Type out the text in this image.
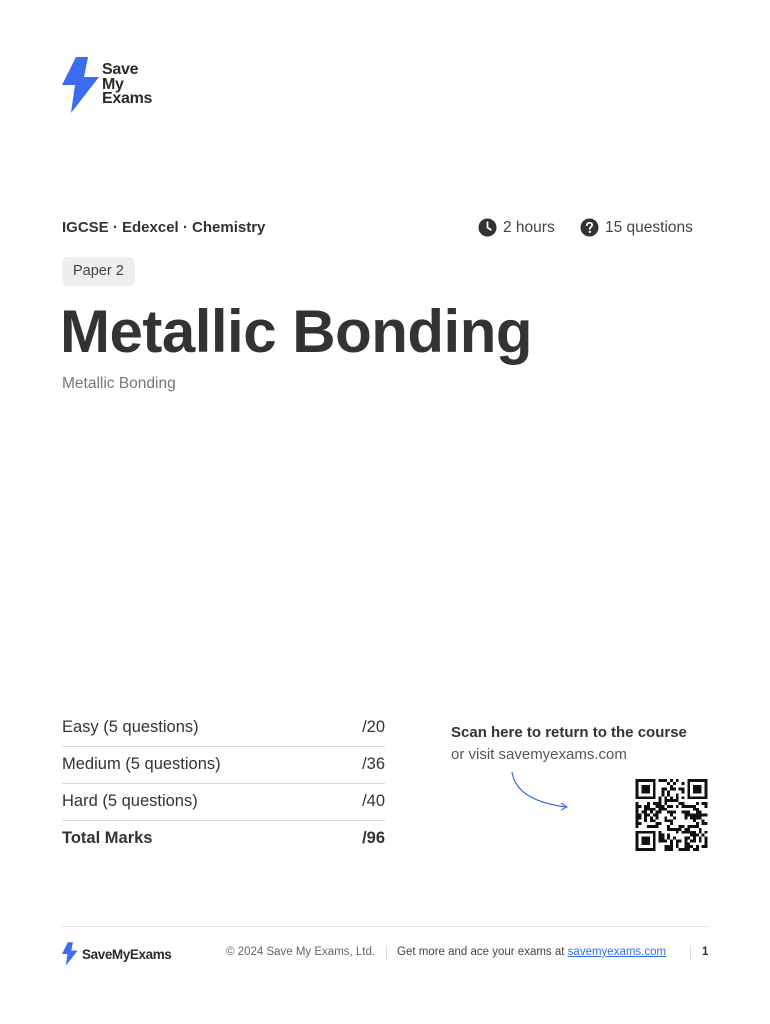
Save
My
Exams
IGCSE · Edexcel · Chemistry	2 hours	15 questions
Paper 2
Metallic Bonding
Metallic Bonding
Easy (5 questions)	/20
Medium (5 questions)	/36
Hard (5 questions)	/40
Total Marks	/96
Scan here to return to the course
or visit savemyexams.com
SaveMyExams	© 2024 Save My Exams, Ltd. Get more and ace your exams at savemyexams.com	1
